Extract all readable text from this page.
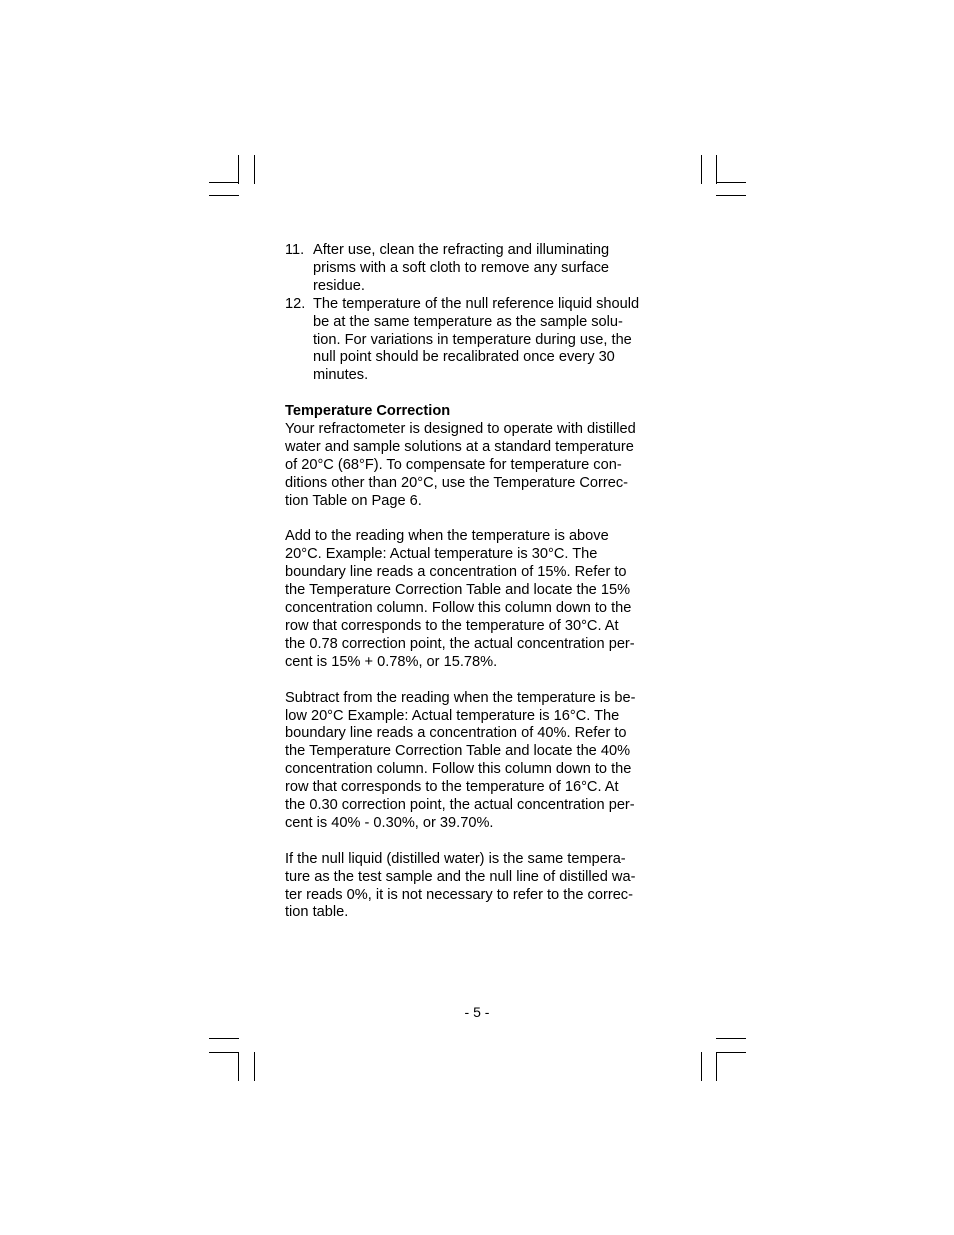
11. After use, clean the refracting and illuminating
prisms with a soft cloth to remove any surface
residue.
12. The temperature of the null reference liquid should
be at the same temperature as the sample solu-
tion. For variations in temperature during use, the
null point should be recalibrated once every 30
minutes.
Temperature Correction
Your refractometer is designed to operate with distilled
water and sample solutions at a standard temperature
of 20°C (68°F). To compensate for temperature con-
ditions other than 20°C, use the Temperature Correc-
tion Table on Page 6.
Add to the reading when the temperature is above
20°C. Example: Actual temperature is 30°C. The
boundary line reads a concentration of 15%. Refer to
the Temperature Correction Table and locate the 15%
concentration column. Follow this column down to the
row that corresponds to the temperature of 30°C. At
the 0.78 correction point, the actual concentration per-
cent is 15% + 0.78%, or 15.78%.
Subtract from the reading when the temperature is be-
low 20°C Example: Actual temperature is 16°C. The
boundary line reads a concentration of 40%. Refer to
the Temperature Correction Table and locate the 40%
concentration column. Follow this column down to the
row that corresponds to the temperature of 16°C. At
the 0.30 correction point, the actual concentration per-
cent is 40% - 0.30%, or 39.70%.
If the null liquid (distilled water) is the same tempera-
ture as the test sample and the null line of distilled wa-
ter reads 0%, it is not necessary to refer to the correc-
tion table.
- 5 -
